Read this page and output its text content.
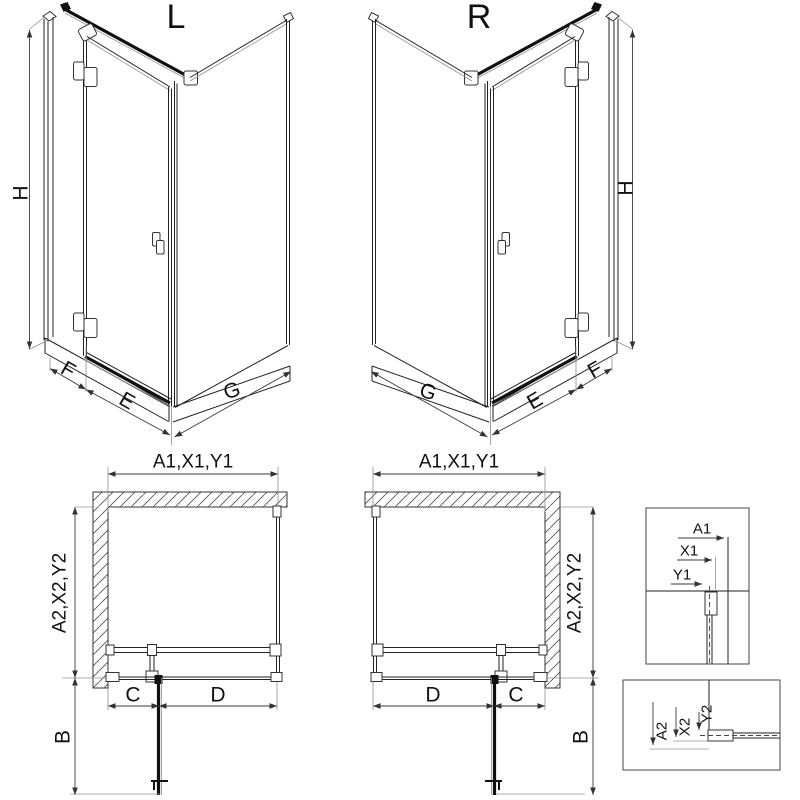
L
H
F
E	G
R
H
G	E
F
A1,X1,Y1
A2,X2,Y2
B
C	D
A1,X1,Y1
A2,X2,Y2
B
D	C
A1
X1
Y1
A2 X2
Y2
